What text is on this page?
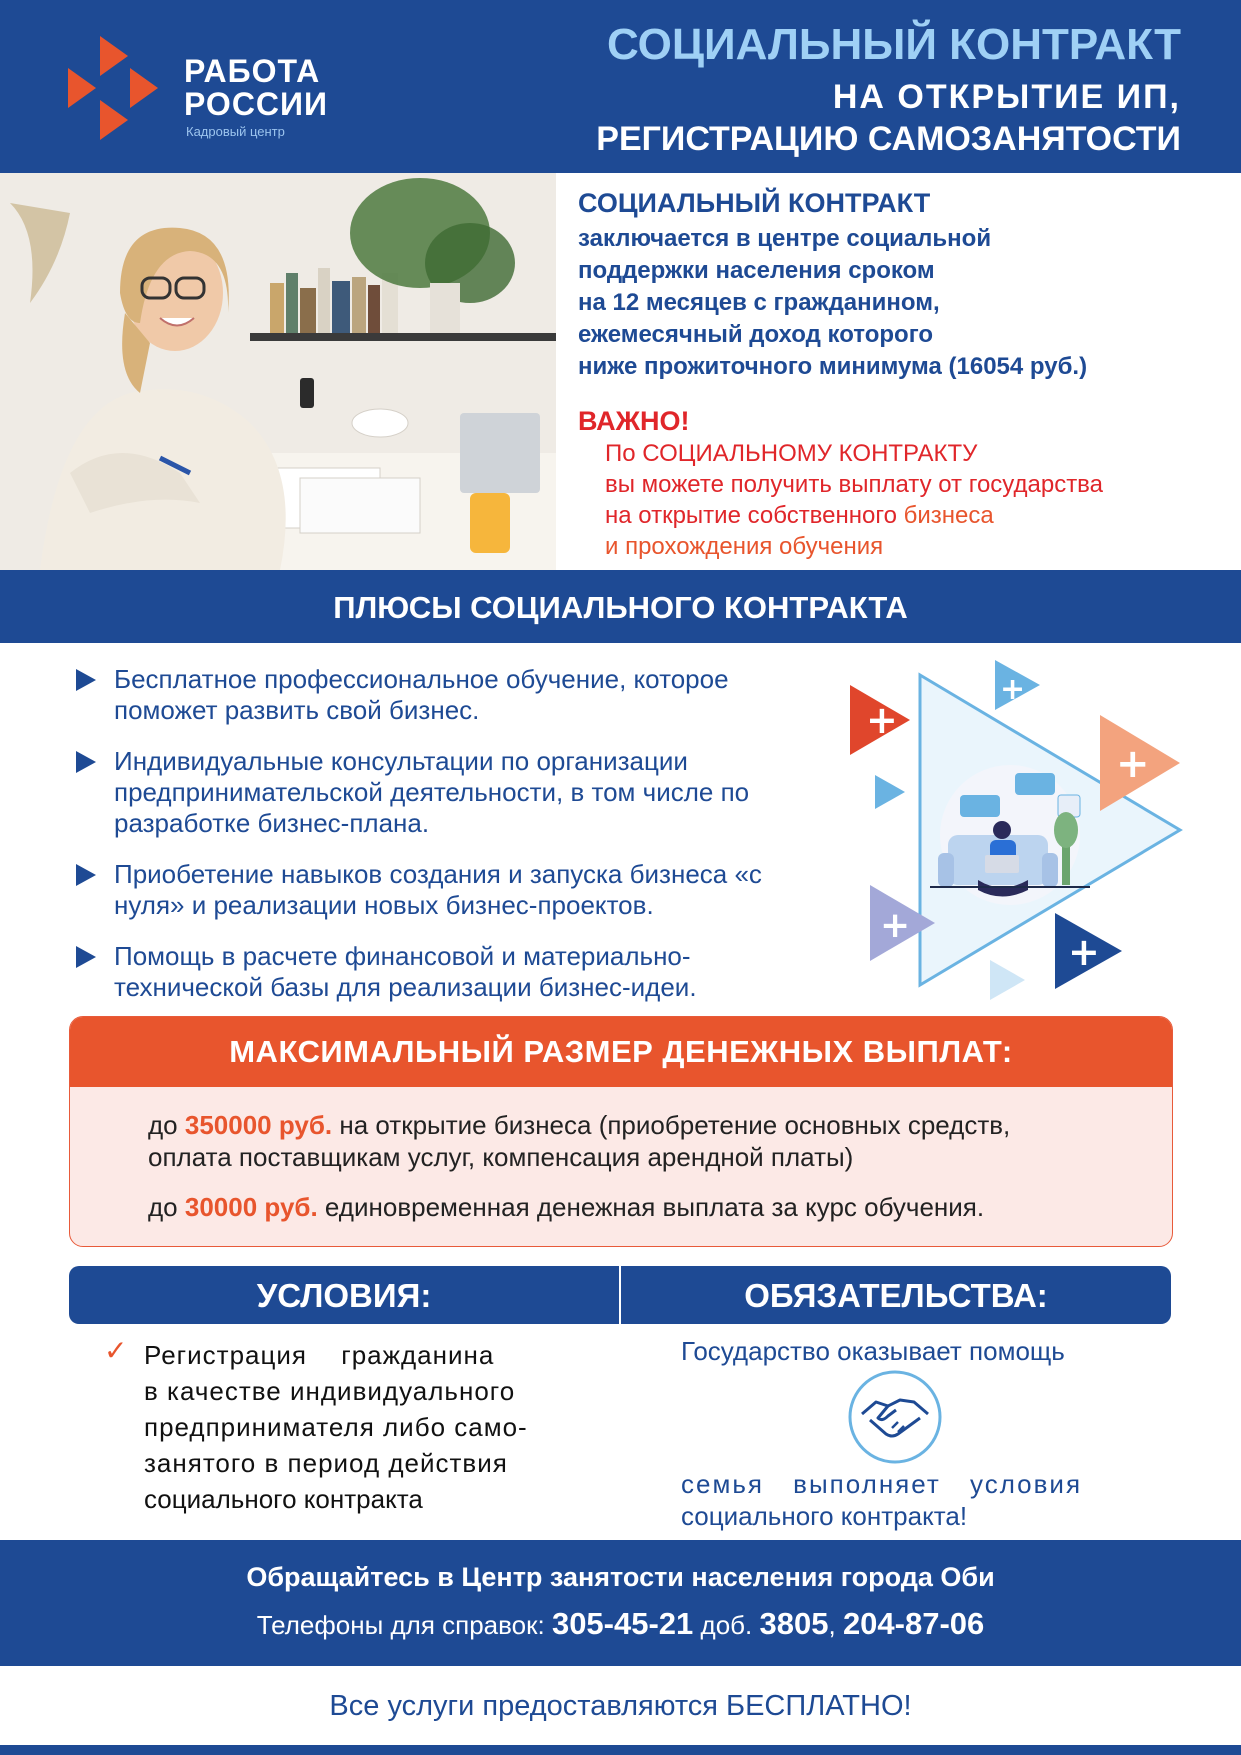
РАБОТА
РОССИИ
Кадровый центр
СОЦИАЛЬНЫЙ КОНТРАКТ
НА ОТКРЫТИЕ ИП,
РЕГИСТРАЦИЮ САМОЗАНЯТОСТИ
СОЦИАЛЬНЫЙ КОНТРАКТ
заключается в центре социальной
поддержки населения сроком
на 12 месяцев с гражданином,
ежемесячный доход которого
ниже прожиточного минимума (16054 руб.)
ВАЖНО!
По СОЦИАЛЬНОМУ КОНТРАКТУ
вы можете получить выплату от государства
на открытие собственного бизнеса
и прохождения обучения
ПЛЮСЫ СОЦИАЛЬНОГО КОНТРАКТА
Бесплатное профессиональное обучение, которое поможет развить свой бизнес.
Индивидуальные консультации по организации предпринимательской деятельности, в том числе по разработке бизнес-плана.
Приобетение навыков создания и запуска бизнеса «с нуля» и реализации новых бизнес-проектов.
Помощь в расчете финансовой и материально-технической базы для реализации бизнес-идеи.
+
+
+
+
+
МАКСИМАЛЬНЫЙ РАЗМЕР ДЕНЕЖНЫХ ВЫПЛАТ:
до 350000 руб. на открытие бизнеса (приобретение основных средств,
оплата поставщикам услуг, компенсация арендной платы)
до 30000 руб. единовременная денежная выплата за курс обучения.
УСЛОВИЯ:	ОБЯЗАТЕЛЬСТВА:
✓ Регистрация гражданина
в качестве индивидуального
предпринимателя либо само-
занятого в период действия
социального контракта
Государство оказывает помощь
семья выполняет условия
социального контракта!
Обращайтесь в Центр занятости населения города Оби
Телефоны для справок: 305-45-21 доб. 3805, 204-87-06
Все услуги предоставляются БЕСПЛАТНО!
